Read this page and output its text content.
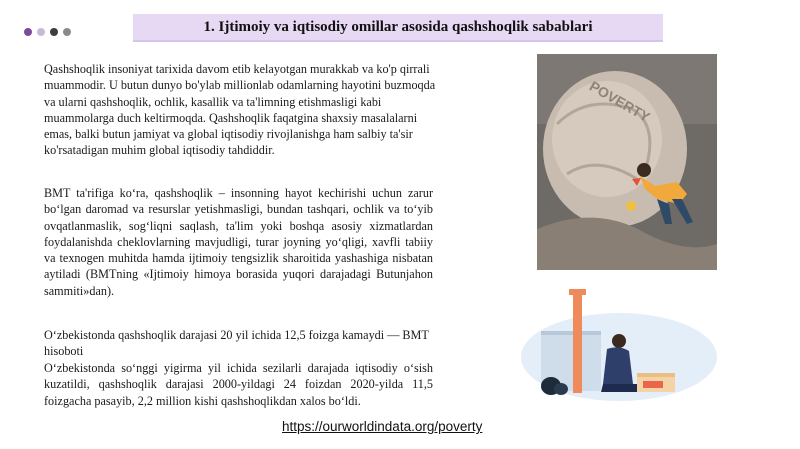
1. Ijtimoiy va iqtisodiy omillar asosida qashshoqlik sabablari

Qashshoqlik insoniyat tarixida davom etib kelayotgan murakkab va ko'p qirrali muammodir. U butun dunyo bo'ylab millionlab odamlarning hayotini buzmoqda va ularni qashshoqlik, ochlik, kasallik va ta'limning etishmasligi kabi muammolarga duch keltirmoqda. Qashshoqlik faqatgina shaxsiy masalalarni emas, balki butun jamiyat va global iqtisodiy rivojlanishga ham salbiy ta'sir ko'rsatadigan muhim global iqtisodiy tahdiddir.

BMT ta'rifiga ko‘ra, qashshoqlik – insonning hayot kechirishi uchun zarur bo‘lgan daromad va resurslar yetishmasligi, bundan tashqari, ochlik va to‘yib ovqatlanmaslik, sog‘liqni saqlash, ta'lim yoki boshqa asosiy xizmatlardan foydalanishda cheklovlarning mavjudligi, turar joyning yo‘qligi, xavfli tabiiy va texnogen muhitda hamda ijtimoiy tengsizlik sharoitida yashashiga nisbatan aytiladi (BMTning «Ijtimoiy himoya borasida yuqori darajadagi Butunjahon sammiti»dan).

O‘zbekistonda qashshoqlik darajasi 20 yil ichida 12,5 foizga kamaydi — BMT hisoboti

O‘zbekistonda so‘nggi yigirma yil ichida sezilarli darajada iqtisodiy o‘sish kuzatildi, qashshoqlik darajasi 2000-yildagi 24 foizdan 2020-yilda 11,5 foizgacha pasayib, 2,2 million kishi qashshoqlikdan xalos bo‘ldi.

POVERTY
https://ourworldindata.org/poverty
